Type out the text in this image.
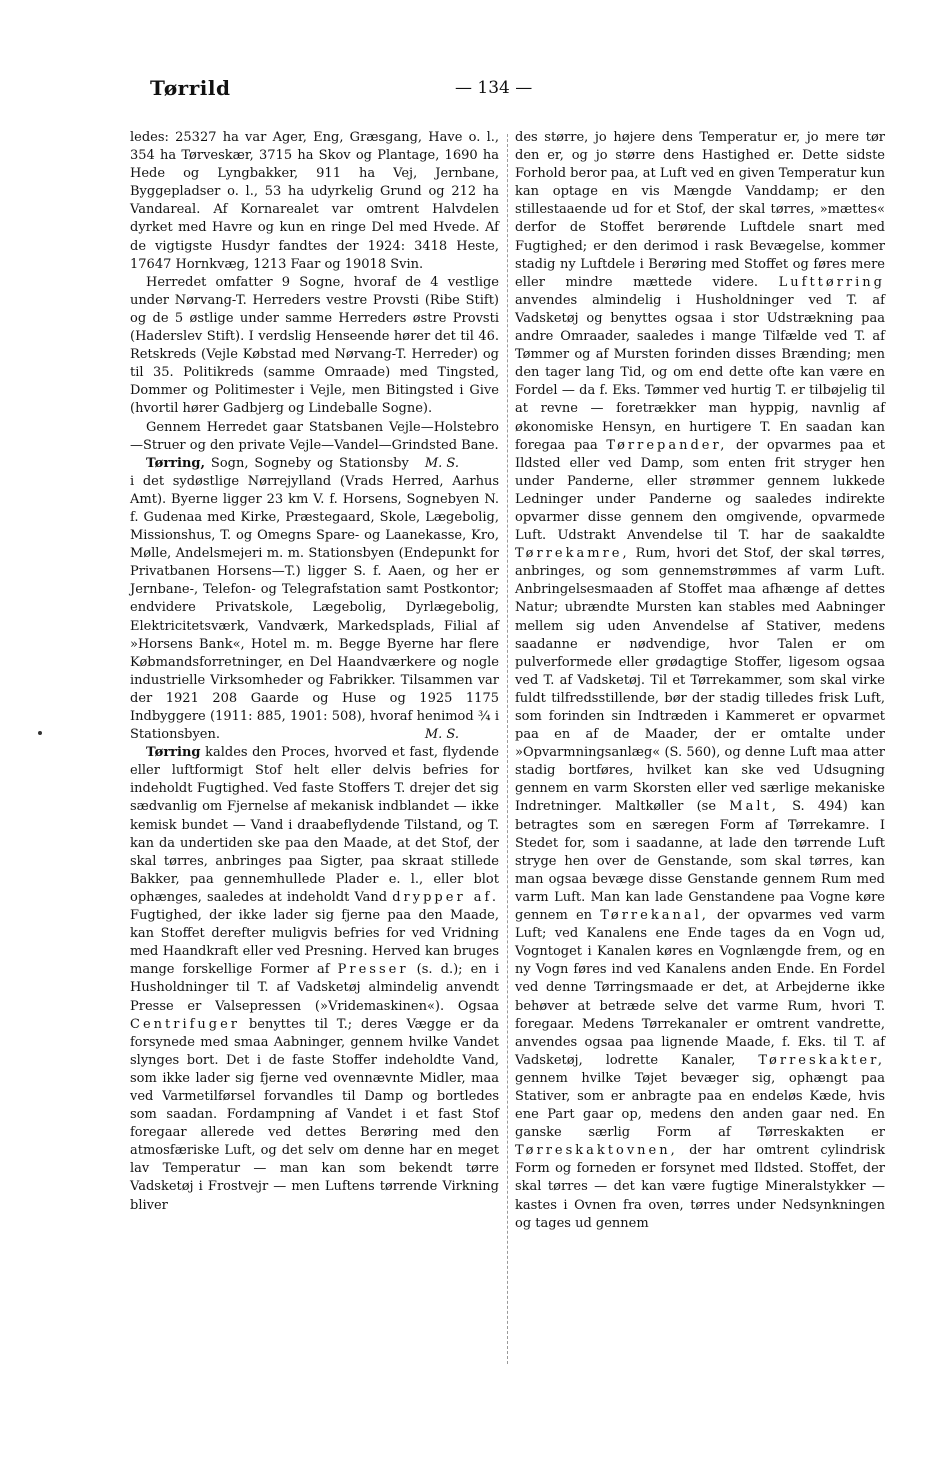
Tørrild	— 134 —

ledes: 25327 ha var Ager, Eng, Græsgang, Have o. l., 354 ha Tørveskær, 3715 ha Skov og Plantage, 1690 ha Hede og Lyngbakker, 911 ha Vej, Jernbane, Byggepladser o. l., 53 ha udyrkelig Grund og 212 ha Vandareal. Af Kornarealet var omtrent Halvdelen dyrket med Havre og kun en ringe Del med Hvede. Af de vigtigste Husdyr fandtes der 1924: 3418 Heste, 17647 Hornkvæg, 1213 Faar og 19018 Svin.

Herredet omfatter 9 Sogne, hvoraf de 4 vestlige under Nørvang-T. Herreders vestre Provsti (Ribe Stift) og de 5 østlige under samme Herreders østre Provsti (Haderslev Stift). I verdslig Henseende hører det til 46. Retskreds (Vejle Købstad med Nørvang-T. Herreder) og til 35. Politikreds (samme Omraade) med Tingsted, Dommer og Politimester i Vejle, men Bitingsted i Give (hvortil hører Gadbjerg og Lindeballe Sogne).

Gennem Herredet gaar Statsbanen Vejle—Holstebro—Struer og den private Vejle—Vandel—Grindsted Bane.
M. S.

Tørring, Sogn, Sogneby og Stationsby i det sydøstlige Nørrejylland (Vrads Herred, Aarhus Amt). Byerne ligger 23 km V. f. Horsens, Sognebyen N. f. Gudenaa med Kirke, Præstegaard, Skole, Lægebolig, Missionshus, T. og Omegns Spare- og Laanekasse, Kro, Mølle, Andelsmejeri m. m. Stationsbyen (Endepunkt for Privatbanen Horsens—T.) ligger S. f. Aaen, og her er Jernbane-, Telefon- og Telegrafstation samt Postkontor; endvidere Privatskole, Lægebolig, Dyrlægebolig, Elektricitetsværk, Vandværk, Markedsplads, Filial af »Horsens Bank«, Hotel m. m. Begge Byerne har flere Købmandsforretninger, en Del Haandværkere og nogle industrielle Virksomheder og Fabrikker. Tilsammen var der 1921 208 Gaarde og Huse og 1925 1175 Indbyggere (1911: 885, 1901: 508), hvoraf henimod ¾ i Stationsbyen.	M. S.

Tørring kaldes den Proces, hvorved et fast, flydende eller luftformigt Stof helt eller delvis befries for indeholdt Fugtighed. Ved faste Stoffers T. drejer det sig sædvanlig om Fjernelse af mekanisk indblandet — ikke kemisk bundet — Vand i draabeflydende Tilstand, og T. kan da undertiden ske paa den Maade, at det Stof, der skal tørres, anbringes paa Sigter, paa skraat stillede Bakker, paa gennemhullede Plader e. l., eller blot ophænges, saaledes at indeholdt Vand drypper af. Fugtighed, der ikke lader sig fjerne paa den Maade, kan Stoffet derefter muligvis befries for ved Vridning med Haandkraft eller ved Presning. Herved kan bruges mange forskellige Former af Presser (s. d.); en i Husholdninger til T. af Vadsketøj almindelig anvendt Presse er Valsepressen (»Vridemaskinen«). Ogsaa Centrifuger benyttes til T.; deres Vægge er da forsynede med smaa Aabninger, gennem hvilke Vandet slynges bort. Det i de faste Stoffer indeholdte Vand, som ikke lader sig fjerne ved ovennævnte Midler, maa ved Varmetilførsel forvandles til Damp og bortledes som saadan. Fordampning af Vandet i et fast Stof foregaar allerede ved dettes Berøring med den atmosfæriske Luft, og det selv om denne har en meget lav Temperatur — man kan som bekendt tørre Vadsketøj i Frostvejr — men Luftens tørrende Virkning bliver

des større, jo højere dens Temperatur er, jo mere tør den er, og jo større dens Hastighed er. Dette sidste Forhold beror paa, at Luft ved en given Temperatur kun kan optage en vis Mængde Vanddamp; er den stillestaaende ud for et Stof, der skal tørres, »mættes« derfor de Stoffet berørende Luftdele snart med Fugtighed; er den derimod i rask Bevægelse, kommer stadig ny Luftdele i Berøring med Stoffet og føres mere eller mindre mættede videre. Lufttørring anvendes almindelig i Husholdninger ved T. af Vadsketøj og benyttes ogsaa i stor Udstrækning paa andre Omraader, saaledes i mange Tilfælde ved T. af Tømmer og af Mursten forinden disses Brænding; men den tager lang Tid, og om end dette ofte kan være en Fordel — da f. Eks. Tømmer ved hurtig T. er tilbøjelig til at revne — foretrækker man hyppig, navnlig af økonomiske Hensyn, en hurtigere T. En saadan kan foregaa paa Tørrepander, der opvarmes paa et Ildsted eller ved Damp, som enten frit stryger hen under Panderne, eller strømmer gennem lukkede Ledninger under Panderne og saaledes indirekte opvarmer disse gennem den omgivende, opvarmede Luft. Udstrakt Anvendelse til T. har de saakaldte Tørrekamre, Rum, hvori det Stof, der skal tørres, anbringes, og som gennemstrømmes af varm Luft. Anbringelsesmaaden af Stoffet maa afhænge af dettes Natur; ubrændte Mursten kan stables med Aabninger mellem sig uden Anvendelse af Stativer, medens saadanne er nødvendige, hvor Talen er om pulverformede eller grødagtige Stoffer, ligesom ogsaa ved T. af Vadsketøj. Til et Tørrekammer, som skal virke fuldt tilfredsstillende, bør der stadig tilledes frisk Luft, som forinden sin Indtræden i Kammeret er opvarmet paa en af de Maader, der er omtalte under »Opvarmningsanlæg« (S. 560), og denne Luft maa atter stadig bortføres, hvilket kan ske ved Udsugning gennem en varm Skorsten eller ved særlige mekaniske Indretninger. Maltkøller (se Malt, S. 494) kan betragtes som en særegen Form af Tørrekamre. I Stedet for, som i saadanne, at lade den tørrende Luft stryge hen over de Genstande, som skal tørres, kan man ogsaa bevæge disse Genstande gennem Rum med varm Luft. Man kan lade Genstandene paa Vogne køre gennem en Tørrekanal, der opvarmes ved varm Luft; ved Kanalens ene Ende tages da en Vogn ud, Vogntoget i Kanalen køres en Vognlængde frem, og en ny Vogn føres ind ved Kanalens anden Ende. En Fordel ved denne Tørringsmaade er det, at Arbejderne ikke behøver at betræde selve det varme Rum, hvori T. foregaar. Medens Tørrekanaler er omtrent vandrette, anvendes ogsaa paa lignende Maade, f. Eks. til T. af Vadsketøj, lodrette Kanaler, Tørreskakter, gennem hvilke Tøjet bevæger sig, ophængt paa Stativer, som er anbragte paa en endeløs Kæde, hvis ene Part gaar op, medens den anden gaar ned. En ganske særlig Form af Tørreskakten er Tørreskaktovnen, der har omtrent cylindrisk Form og forneden er forsynet med Ildsted. Stoffet, der skal tørres — det kan være fugtige Mineralstykker — kastes i Ovnen fra oven, tørres under Nedsynkningen og tages ud gennem
